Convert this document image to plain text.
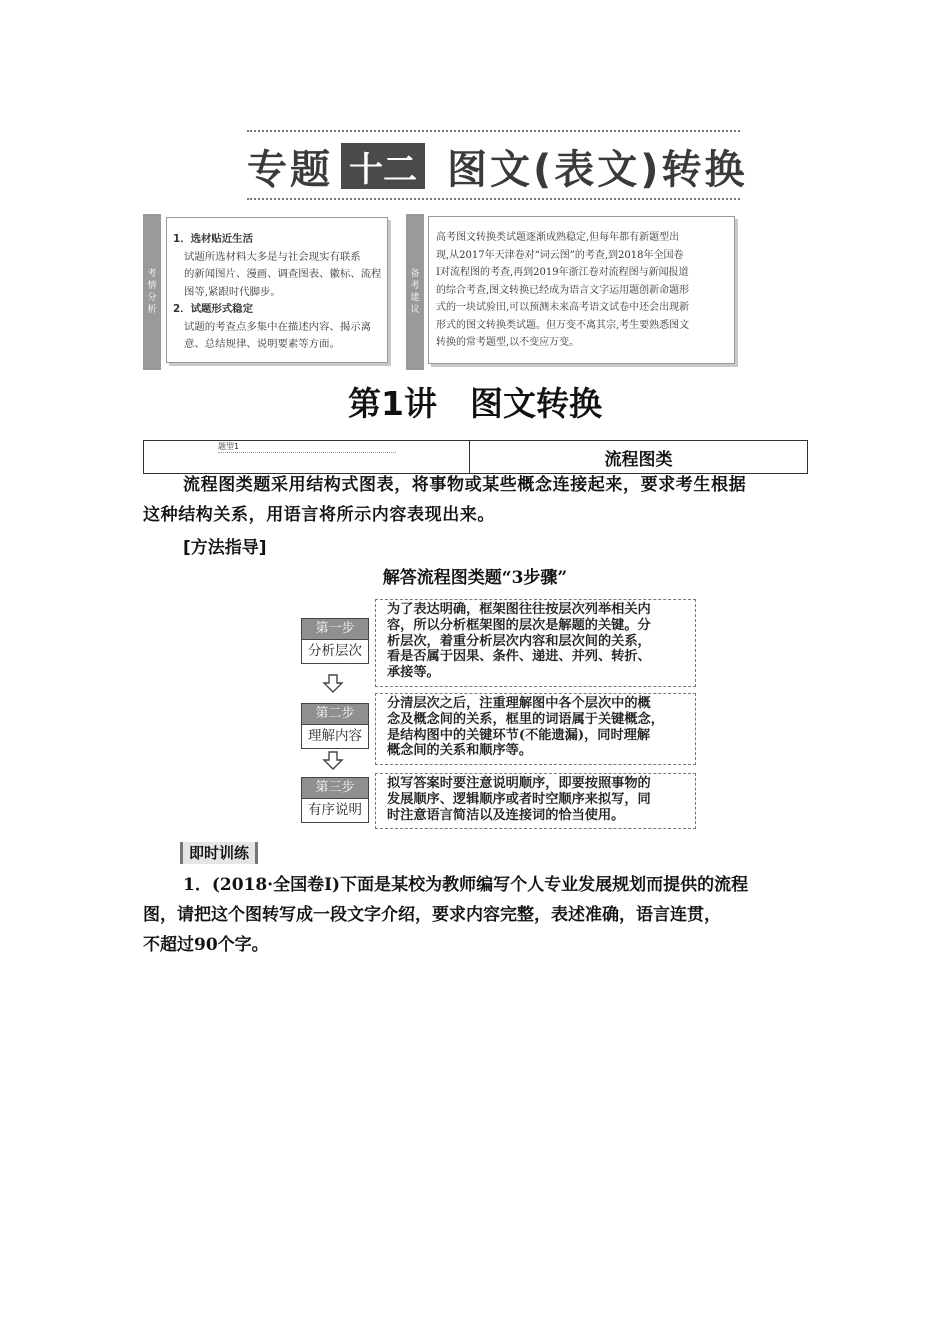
专题 十二 图文(表文)转换
考情分析
1．选材贴近生活
试题所选材料大多是与社会现实有联系
的新闻图片、漫画、调查图表、徽标、流程
图等,紧跟时代脚步。
2．试题形式稳定
试题的考查点多集中在描述内容、揭示离
意、总结规律、说明要素等方面。
备考建议
高考图文转换类试题逐渐成熟稳定,但每年都有新题型出
现,从2017年天津卷对“词云图”的考查,到2018年全国卷
Ⅰ对流程图的考查,再到2019年浙江卷对流程图与新闻报道
的综合考查,图文转换已经成为语言文字运用题创新命题形
式的一块试验田,可以预测未来高考语文试卷中还会出现新
形式的图文转换类试题。但万变不离其宗,考生要熟悉图文
转换的常考题型,以不变应万变。
第1讲　图文转换
题型1
流程图类

流程图类题采用结构式图表，将事物或某些概念连接起来，要求考生根据

这种结构关系，用语言将所示内容表现出来。

[方法指导]
解答流程图类题“3步骤”
第一步
分析层次

为了表达明确，框架图往往按层次列举相关内

容，所以分析框架图的层次是解题的关键。分

析层次，着重分析层次内容和层次间的关系，

看是否属于因果、条件、递进、并列、转折、

承接等。

第二步
理解内容

分清层次之后，注重理解图中各个层次中的概

念及概念间的关系，框里的词语属于关键概念，

是结构图中的关键环节(不能遗漏)，同时理解

概念间的关系和顺序等。

第三步
有序说明

拟写答案时要注意说明顺序，即要按照事物的

发展顺序、逻辑顺序或者时空顺序来拟写，同

时注意语言简洁以及连接词的恰当使用。

即时训练

1．(2018·全国卷Ⅰ)下面是某校为教师编写个人专业发展规划而提供的流程

图，请把这个图转写成一段文字介绍，要求内容完整，表述准确，语言连贯，

不超过90个字。
